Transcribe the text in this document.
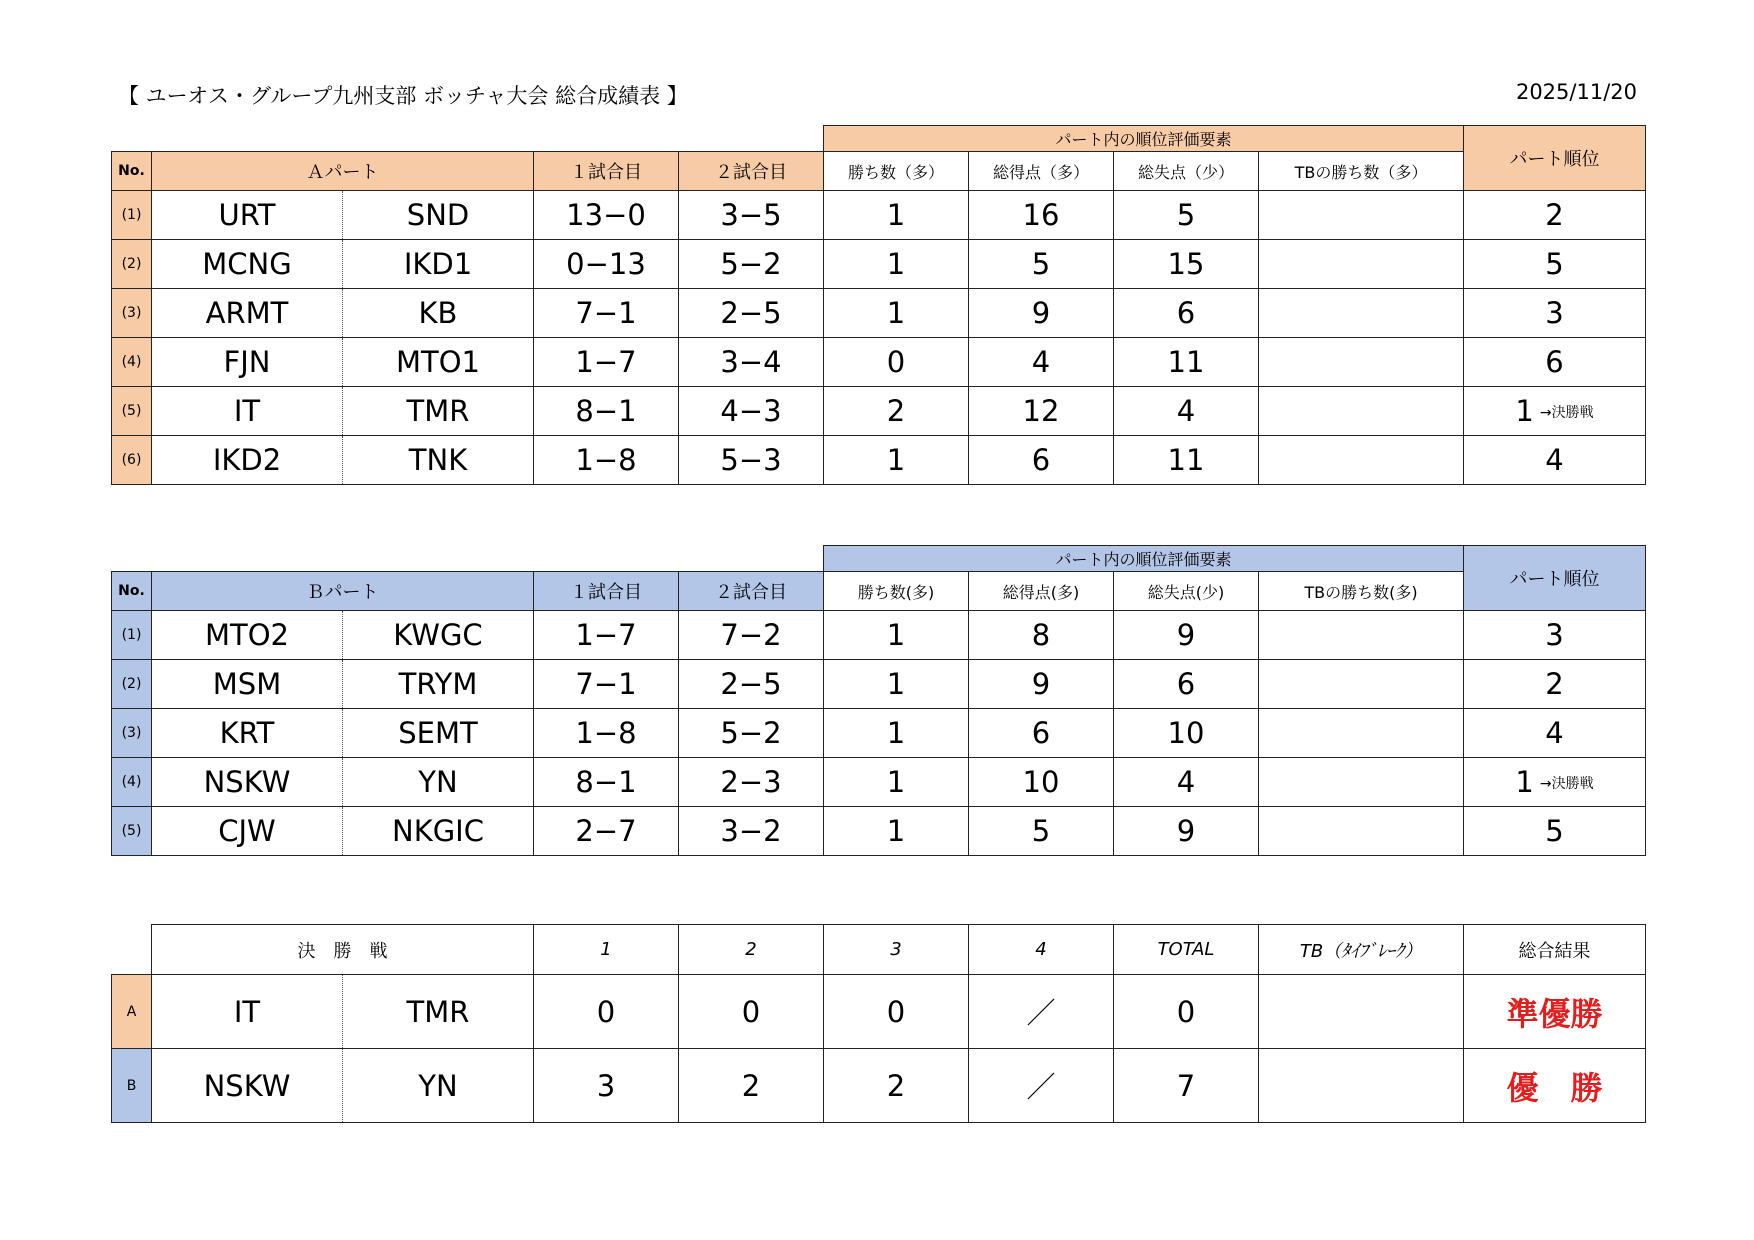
【 ユーオス・グループ九州支部 ボッチャ大会 総合成績表 】	2025/11/20
					パート内の順位評価要素				パート順位
No.	Ａパート		１試合目	２試合目	勝ち数（多）	総得点（多）	総失点（少）	TBの勝ち数（多）	
(1)	URT	SND	13−0	3−5	1	16	5		2
(2)	MCNG	IKD1	0−13	5−2	1	5	15		5
(3)	ARMT	KB	7−1	2−5	1	9	6		3
(4)	FJN	MTO1	1−7	3−4	0	4	11		6
(5)	IT	TMR	8−1	4−3	2	12	4		1 →決勝戦
(6)	IKD2	TNK	1−8	5−3	1	6	11		4
					パート内の順位評価要素				パート順位
No.	Ｂパート		１試合目	２試合目	勝ち数(多)	総得点(多)	総失点(少)	TBの勝ち数(多)	
(1)	MTO2	KWGC	1−7	7−2	1	8	9		3
(2)	MSM	TRYM	7−1	2−5	1	9	6		2
(3)	KRT	SEMT	1−8	5−2	1	6	10		4
(4)	NSKW	YN	8−1	2−3	1	10	4		1 →決勝戦
(5)	CJW	NKGIC	2−7	3−2	1	5	9		5
	決　勝　戦		1	2	3	4	TOTAL	TB（ﾀｲﾌﾞﾚｰｸ）	総合結果
A	IT	TMR	0	0	0	／	0		準優勝
B	NSKW	YN	3	2	2	／	7		優　勝
